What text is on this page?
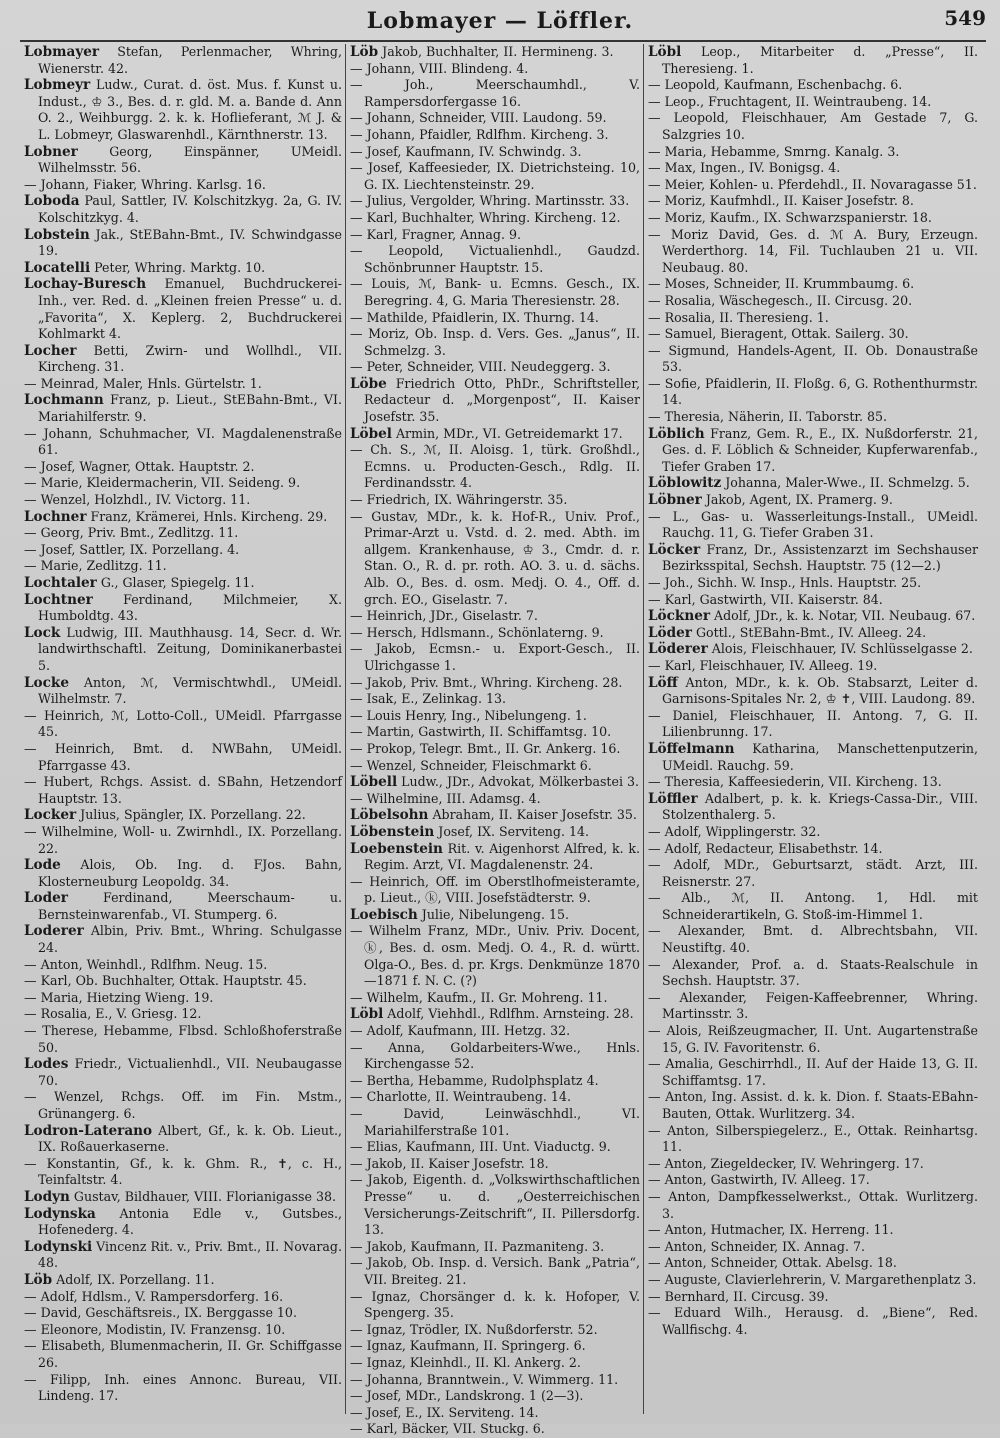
Lobmayer — Löffler.	549

Lobmayer Stefan, Perlenmacher, Whring, Wienerstr. 42.

Lobmeyr Ludw., Curat. d. öst. Mus. f. Kunst u. Indust., ♔ 3., Bes. d. r. gld. M. a. Bande d. Ann O. 2., Weihburgg. 2. k. k. Hoflieferant, ℳ J. & L. Lobmeyr, Glaswarenhdl., Kärnthnerstr. 13.

Lobner Georg, Einspänner, UMeidl. Wilhelmsstr. 56.

— Johann, Fiaker, Whring. Karlsg. 16.

Loboda Paul, Sattler, IV. Kolschitzkyg. 2a, G. IV. Kolschitzkyg. 4.

Lobstein Jak., StEBahn-Bmt., IV. Schwindgasse 19.

Locatelli Peter, Whring. Marktg. 10.

Lochay-Buresch Emanuel, Buchdruckerei-Inh., ver. Red. d. „Kleinen freien Presse“ u. d. „Favorita“, X. Keplerg. 2, Buchdruckerei Kohlmarkt 4.

Locher Betti, Zwirn- und Wollhdl., VII. Kircheng. 31.

— Meinrad, Maler, Hnls. Gürtelstr. 1.

Lochmann Franz, p. Lieut., StEBahn-Bmt., VI. Mariahilferstr. 9.

— Johann, Schuhmacher, VI. Magdalenenstraße 61.

— Josef, Wagner, Ottak. Hauptstr. 2.

— Marie, Kleidermacherin, VII. Seideng. 9.

— Wenzel, Holzhdl., IV. Victorg. 11.

Lochner Franz, Krämerei, Hnls. Kircheng. 29.

— Georg, Priv. Bmt., Zedlitzg. 11.

— Josef, Sattler, IX. Porzellang. 4.

— Marie, Zedlitzg. 11.

Lochtaler G., Glaser, Spiegelg. 11.

Lochtner Ferdinand, Milchmeier, X. Humboldtg. 43.

Lock Ludwig, III. Mauthhausg. 14, Secr. d. Wr. landwirthschaftl. Zeitung, Dominikanerbastei 5.

Locke Anton, ℳ, Vermischtwhdl., UMeidl. Wilhelmstr. 7.

— Heinrich, ℳ, Lotto-Coll., UMeidl. Pfarrgasse 45.

— Heinrich, Bmt. d. NWBahn, UMeidl. Pfarrgasse 43.

— Hubert, Rchgs. Assist. d. SBahn, Hetzendorf Hauptstr. 13.

Locker Julius, Spängler, IX. Porzellang. 22.

— Wilhelmine, Woll- u. Zwirnhdl., IX. Porzellang. 22.

Lode Alois, Ob. Ing. d. FJos. Bahn, Klosterneuburg Leopoldg. 34.

Loder Ferdinand, Meerschaum- u. Bernsteinwarenfab., VI. Stumperg. 6.

Loderer Albin, Priv. Bmt., Whring. Schulgasse 24.

— Anton, Weinhdl., Rdlfhm. Neug. 15.

— Karl, Ob. Buchhalter, Ottak. Hauptstr. 45.

— Maria, Hietzing Wieng. 19.

— Rosalia, E., V. Griesg. 12.

— Therese, Hebamme, Flbsd. Schloßhoferstraße 50.

Lodes Friedr., Victualienhdl., VII. Neubaugasse 70.

— Wenzel, Rchgs. Off. im Fin. Mstm., Grünangerg. 6.

Lodron-Laterano Albert, Gf., k. k. Ob. Lieut., IX. Roßauerkaserne.

— Konstantin, Gf., k. k. Ghm. R., ✝, c. H., Teinfaltstr. 4.

Lodyn Gustav, Bildhauer, VIII. Florianigasse 38.

Lodynska Antonia Edle v., Gutsbes., Hofenederg. 4.

Lodynski Vincenz Rit. v., Priv. Bmt., II. Novarag. 48.

Löb Adolf, IX. Porzellang. 11.

— Adolf, Hdlsm., V. Rampersdorferg. 16.

— David, Geschäftsreis., IX. Berggasse 10.

— Eleonore, Modistin, IV. Franzensg. 10.

— Elisabeth, Blumenmacherin, II. Gr. Schiffgasse 26.

— Filipp, Inh. eines Annonc. Bureau, VII. Lindeng. 17.

Löb Jakob, Buchhalter, II. Hermineng. 3.

— Johann, VIII. Blindeng. 4.

— Joh., Meerschaumhdl., V. Rampersdorfergasse 16.

— Johann, Schneider, VIII. Laudong. 59.

— Johann, Pfaidler, Rdlfhm. Kircheng. 3.

— Josef, Kaufmann, IV. Schwindg. 3.

— Josef, Kaffeesieder, IX. Dietrichsteing. 10, G. IX. Liechtensteinstr. 29.

— Julius, Vergolder, Whring. Martinsstr. 33.

— Karl, Buchhalter, Whring. Kircheng. 12.

— Karl, Fragner, Annag. 9.

— Leopold, Victualienhdl., Gaudzd. Schönbrunner Hauptstr. 15.

— Louis, ℳ, Bank- u. Ecmns. Gesch., IX. Beregring. 4, G. Maria Theresienstr. 28.

— Mathilde, Pfaidlerin, IX. Thurng. 14.

— Moriz, Ob. Insp. d. Vers. Ges. „Janus“, II. Schmelzg. 3.

— Peter, Schneider, VIII. Neudeggerg. 3.

Löbe Friedrich Otto, PhDr., Schriftsteller, Redacteur d. „Morgenpost“, II. Kaiser Josefstr. 35.

Löbel Armin, MDr., VI. Getreidemarkt 17.

— Ch. S., ℳ, II. Aloisg. 1, türk. Großhdl., Ecmns. u. Producten-Gesch., Rdlg. II. Ferdinandsstr. 4.

— Friedrich, IX. Währingerstr. 35.

— Gustav, MDr., k. k. Hof-R., Univ. Prof., Primar-Arzt u. Vstd. d. 2. med. Abth. im allgem. Krankenhause, ♔ 3., Cmdr. d. r. Stan. O., R. d. pr. roth. AO. 3. u. d. sächs. Alb. O., Bes. d. osm. Medj. O. 4., Off. d. grch. EO., Giselastr. 7.

— Heinrich, JDr., Giselastr. 7.

— Hersch, Hdlsmann., Schönlaterng. 9.

— Jakob, Ecmsn.- u. Export-Gesch., II. Ulrichgasse 1.

— Jakob, Priv. Bmt., Whring. Kircheng. 28.

— Isak, E., Zelinkag. 13.

— Louis Henry, Ing., Nibelungeng. 1.

— Martin, Gastwirth, II. Schiffamtsg. 10.

— Prokop, Telegr. Bmt., II. Gr. Ankerg. 16.

— Wenzel, Schneider, Fleischmarkt 6.

Löbell Ludw., JDr., Advokat, Mölkerbastei 3.

— Wilhelmine, III. Adamsg. 4.

Löbelsohn Abraham, II. Kaiser Josefstr. 35.

Löbenstein Josef, IX. Serviteng. 14.

Loebenstein Rit. v. Aigenhorst Alfred, k. k. Regim. Arzt, VI. Magdalenenstr. 24.

— Heinrich, Off. im Oberstlhofmeisteramte, p. Lieut., ⓚ, VIII. Josefstädterstr. 9.

Loebisch Julie, Nibelungeng. 15.

— Wilhelm Franz, MDr., Univ. Priv. Docent, ⓚ, Bes. d. osm. Medj. O. 4., R. d. württ. Olga-O., Bes. d. pr. Krgs. Denkmünze 1870—1871 f. N. C. (?)

— Wilhelm, Kaufm., II. Gr. Mohreng. 11.

Löbl Adolf, Viehhdl., Rdlfhm. Arnsteing. 28.

— Adolf, Kaufmann, III. Hetzg. 32.

— Anna, Goldarbeiters-Wwe., Hnls. Kirchengasse 52.

— Bertha, Hebamme, Rudolphsplatz 4.

— Charlotte, II. Weintraubeng. 14.

— David, Leinwäschhdl., VI. Mariahilferstraße 101.

— Elias, Kaufmann, III. Unt. Viaductg. 9.

— Jakob, II. Kaiser Josefstr. 18.

— Jakob, Eigenth. d. „Volkswirthschaftlichen Presse“ u. d. „Oesterreichischen Versicherungs-Zeitschrift“, II. Pillersdorfg. 13.

— Jakob, Kaufmann, II. Pazmaniteng. 3.

— Jakob, Ob. Insp. d. Versich. Bank „Patria“, VII. Breiteg. 21.

— Ignaz, Chorsänger d. k. k. Hofoper, V. Spengerg. 35.

— Ignaz, Trödler, IX. Nußdorferstr. 52.

— Ignaz, Kaufmann, II. Springerg. 6.

— Ignaz, Kleinhdl., II. Kl. Ankerg. 2.

— Johanna, Branntwein., V. Wimmerg. 11.

— Josef, MDr., Landskrong. 1 (2—3).

— Josef, E., IX. Serviteng. 14.

— Karl, Bäcker, VII. Stuckg. 6.

Löbl Leop., Mitarbeiter d. „Presse“, II. Theresieng. 1.

— Leopold, Kaufmann, Eschenbachg. 6.

— Leop., Fruchtagent, II. Weintraubeng. 14.

— Leopold, Fleischhauer, Am Gestade 7, G. Salzgries 10.

— Maria, Hebamme, Smrng. Kanalg. 3.

— Max, Ingen., IV. Bonigsg. 4.

— Meier, Kohlen- u. Pferdehdl., II. Novaragasse 51.

— Moriz, Kaufmhdl., II. Kaiser Josefstr. 8.

— Moriz, Kaufm., IX. Schwarzspanierstr. 18.

— Moriz David, Ges. d. ℳ A. Bury, Erzeugn. Werderthorg. 14, Fil. Tuchlauben 21 u. VII. Neubaug. 80.

— Moses, Schneider, II. Krummbaumg. 6.

— Rosalia, Wäschegesch., II. Circusg. 20.

— Rosalia, II. Theresieng. 1.

— Samuel, Bieragent, Ottak. Sailerg. 30.

— Sigmund, Handels-Agent, II. Ob. Donaustraße 53.

— Sofie, Pfaidlerin, II. Floßg. 6, G. Rothenthurmstr. 14.

— Theresia, Näherin, II. Taborstr. 85.

Löblich Franz, Gem. R., E., IX. Nußdorferstr. 21, Ges. d. F. Löblich & Schneider, Kupferwarenfab., Tiefer Graben 17.

Löblowitz Johanna, Maler-Wwe., II. Schmelzg. 5.

Löbner Jakob, Agent, IX. Pramerg. 9.

— L., Gas- u. Wasserleitungs-Install., UMeidl. Rauchg. 11, G. Tiefer Graben 31.

Löcker Franz, Dr., Assistenzarzt im Sechshauser Bezirksspital, Sechsh. Hauptstr. 75 (12—2.)

— Joh., Sichh. W. Insp., Hnls. Hauptstr. 25.

— Karl, Gastwirth, VII. Kaiserstr. 84.

Löckner Adolf, JDr., k. k. Notar, VII. Neubaug. 67.

Löder Gottl., StEBahn-Bmt., IV. Alleeg. 24.

Löderer Alois, Fleischhauer, IV. Schlüsselgasse 2.

— Karl, Fleischhauer, IV. Alleeg. 19.

Löff Anton, MDr., k. k. Ob. Stabsarzt, Leiter d. Garnisons-Spitales Nr. 2, ♔ ✝, VIII. Laudong. 89.

— Daniel, Fleischhauer, II. Antong. 7, G. II. Lilienbrunng. 17.

Löffelmann Katharina, Manschettenputzerin, UMeidl. Rauchg. 59.

— Theresia, Kaffeesiederin, VII. Kircheng. 13.

Löffler Adalbert, p. k. k. Kriegs-Cassa-Dir., VIII. Stolzenthalerg. 5.

— Adolf, Wipplingerstr. 32.

— Adolf, Redacteur, Elisabethstr. 14.

— Adolf, MDr., Geburtsarzt, städt. Arzt, III. Reisnerstr. 27.

— Alb., ℳ, II. Antong. 1, Hdl. mit Schneiderartikeln, G. Stoß-im-Himmel 1.

— Alexander, Bmt. d. Albrechtsbahn, VII. Neustiftg. 40.

— Alexander, Prof. a. d. Staats-Realschule in Sechsh. Hauptstr. 37.

— Alexander, Feigen-Kaffeebrenner, Whring. Martinsstr. 3.

— Alois, Reißzeugmacher, II. Unt. Augartenstraße 15, G. IV. Favoritenstr. 6.

— Amalia, Geschirrhdl., II. Auf der Haide 13, G. II. Schiffamtsg. 17.

— Anton, Ing. Assist. d. k. k. Dion. f. Staats-EBahn-Bauten, Ottak. Wurlitzerg. 34.

— Anton, Silberspiegelerz., E., Ottak. Reinhartsg. 11.

— Anton, Ziegeldecker, IV. Wehringerg. 17.

— Anton, Gastwirth, IV. Alleeg. 17.

— Anton, Dampfkesselwerkst., Ottak. Wurlitzerg. 3.

— Anton, Hutmacher, IX. Herreng. 11.

— Anton, Schneider, IX. Annag. 7.

— Anton, Schneider, Ottak. Abelsg. 18.

— Auguste, Clavierlehrerin, V. Margarethenplatz 3.

— Bernhard, II. Circusg. 39.

— Eduard Wilh., Herausg. d. „Biene“, Red. Wallfischg. 4.
